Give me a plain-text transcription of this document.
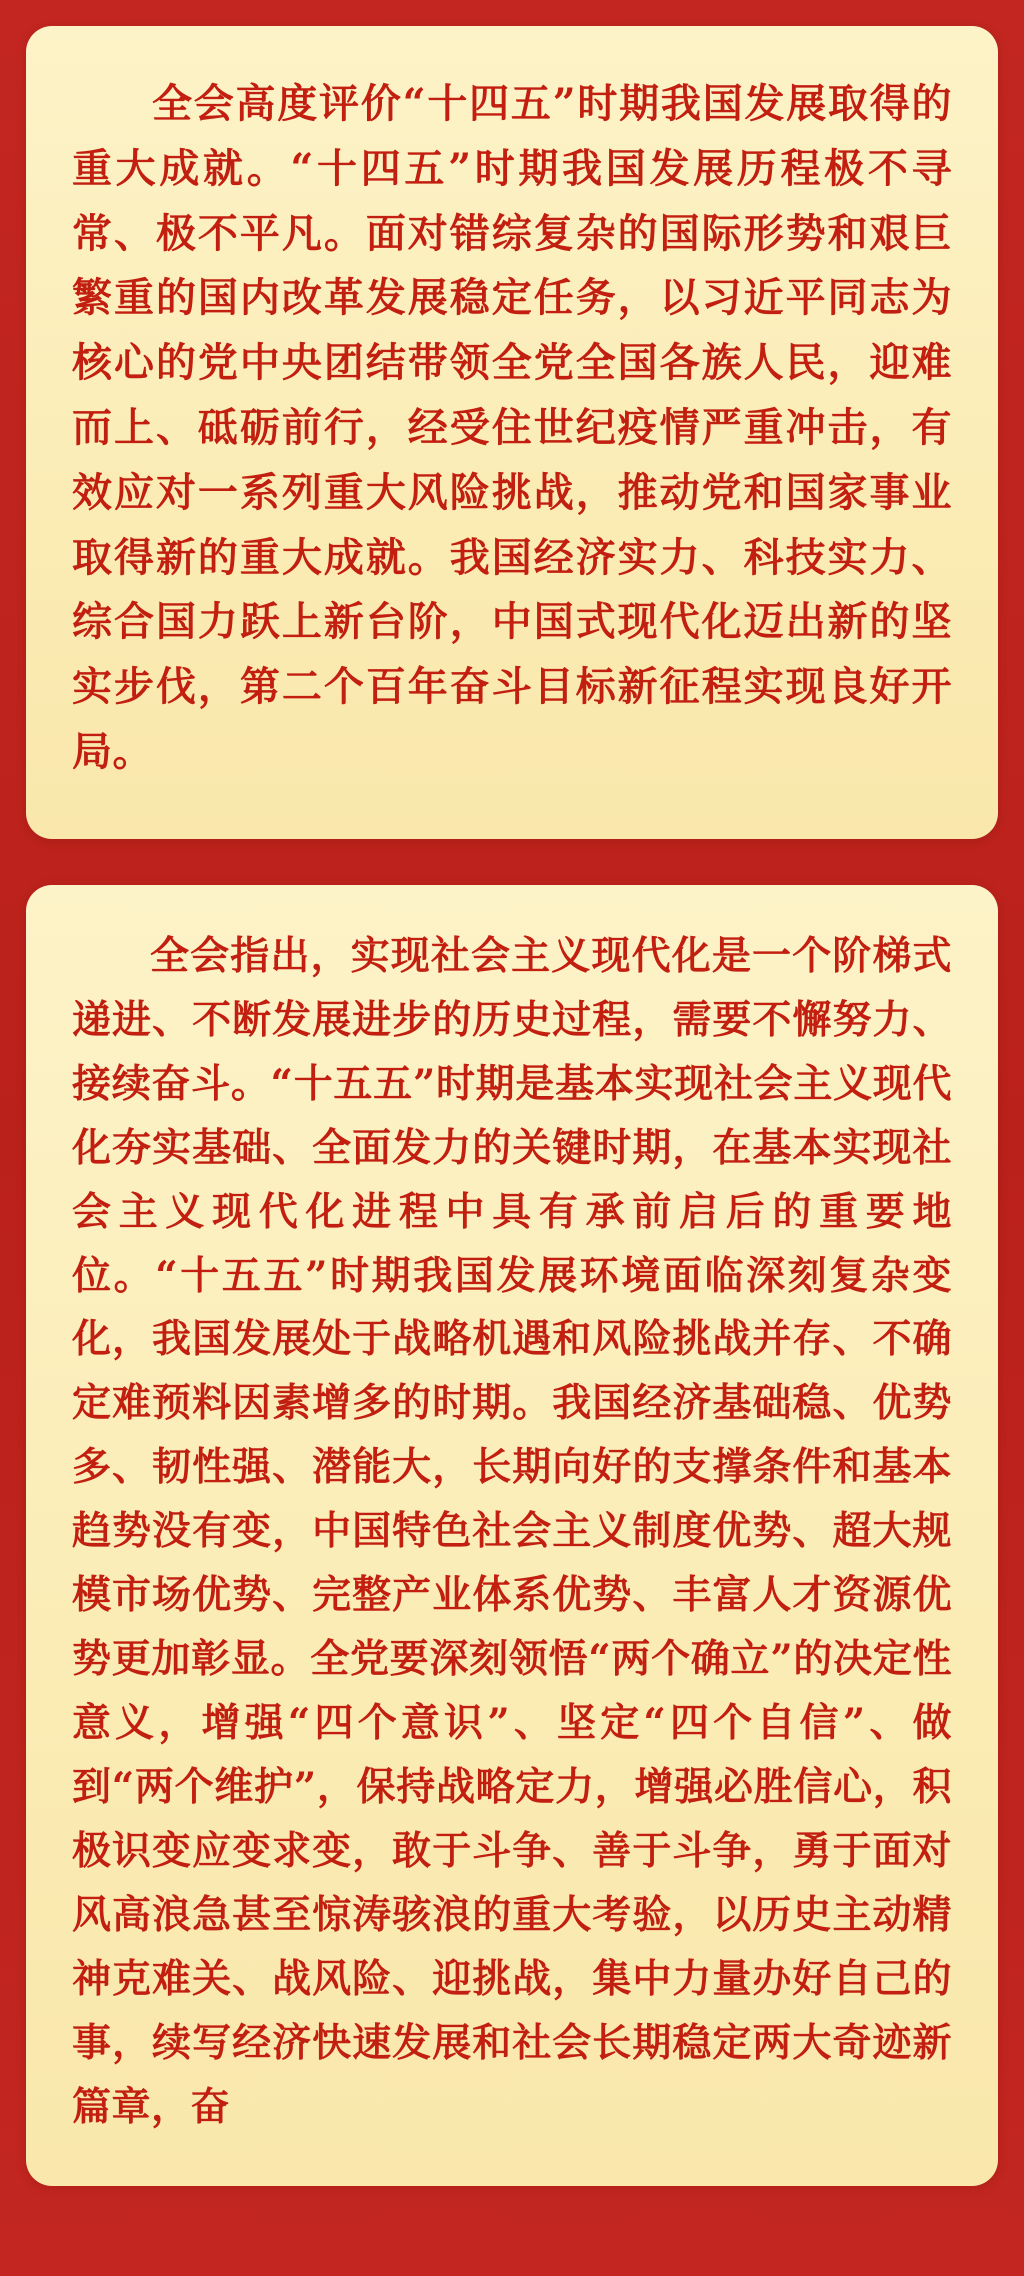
全会高度评价“十四五”时期我国发展取得的重大成就。“十四五”时期我国发展历程极不寻常、极不平凡。面对错综复杂的国际形势和艰巨繁重的国内改革发展稳定任务，以习近平同志为核心的党中央团结带领全党全国各族人民，迎难而上、砥砺前行，经受住世纪疫情严重冲击，有效应对一系列重大风险挑战，推动党和国家事业取得新的重大成就。我国经济实力、科技实力、综合国力跃上新台阶，中国式现代化迈出新的坚实步伐，第二个百年奋斗目标新征程实现良好开局。

全会指出，实现社会主义现代化是一个阶梯式递进、不断发展进步的历史过程，需要不懈努力、接续奋斗。“十五五”时期是基本实现社会主义现代化夯实基础、全面发力的关键时期，在基本实现社会主义现代化进程中具有承前启后的重要地位。“十五五”时期我国发展环境面临深刻复杂变化，我国发展处于战略机遇和风险挑战并存、不确定难预料因素增多的时期。我国经济基础稳、优势多、韧性强、潜能大，长期向好的支撑条件和基本趋势没有变，中国特色社会主义制度优势、超大规模市场优势、完整产业体系优势、丰富人才资源优势更加彰显。全党要深刻领悟“两个确立”的决定性意义，增强“四个意识”、坚定“四个自信”、做到“两个维护”，保持战略定力，增强必胜信心，积极识变应变求变，敢于斗争、善于斗争，勇于面对风高浪急甚至惊涛骇浪的重大考验，以历史主动精神克难关、战风险、迎挑战，集中力量办好自己的事，续写经济快速发展和社会长期稳定两大奇迹新篇章，奋
